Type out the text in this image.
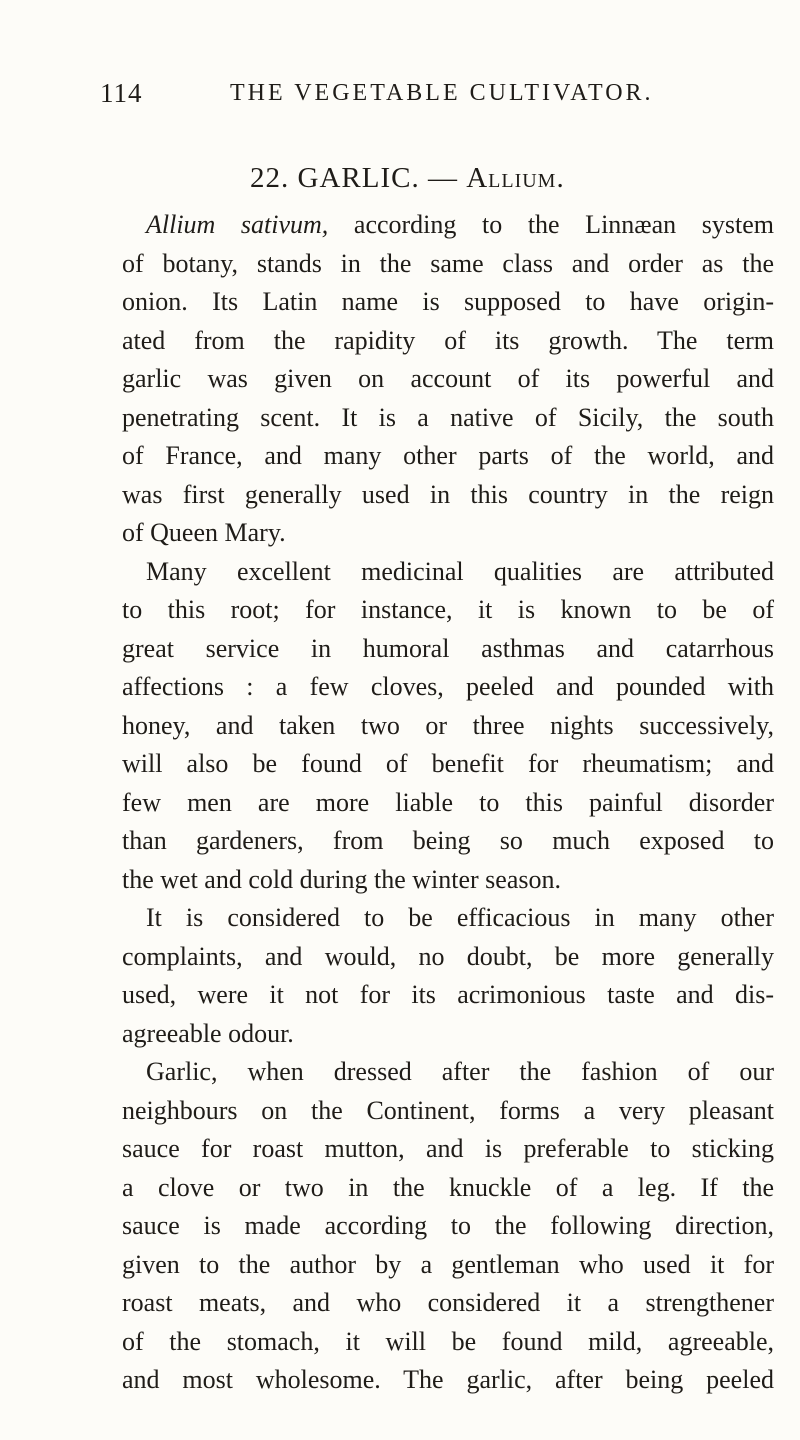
114	THE VEGETABLE CULTIVATOR.
22. GARLIC. — Allium.
Allium sativum, according to the Linnæan system
of botany, stands in the same class and order as the
onion. Its Latin name is supposed to have origin-
ated from the rapidity of its growth. The term
garlic was given on account of its powerful and
penetrating scent. It is a native of Sicily, the south
of France, and many other parts of the world, and
was first generally used in this country in the reign
of Queen Mary.
Many excellent medicinal qualities are attributed
to this root; for instance, it is known to be of
great service in humoral asthmas and catarrhous
affections : a few cloves, peeled and pounded with
honey, and taken two or three nights successively,
will also be found of benefit for rheumatism; and
few men are more liable to this painful disorder
than gardeners, from being so much exposed to
the wet and cold during the winter season.
It is considered to be efficacious in many other
complaints, and would, no doubt, be more generally
used, were it not for its acrimonious taste and dis-
agreeable odour.
Garlic, when dressed after the fashion of our
neighbours on the Continent, forms a very pleasant
sauce for roast mutton, and is preferable to sticking
a clove or two in the knuckle of a leg. If the
sauce is made according to the following direction,
given to the author by a gentleman who used it for
roast meats, and who considered it a strengthener
of the stomach, it will be found mild, agreeable,
and most wholesome. The garlic, after being peeled
